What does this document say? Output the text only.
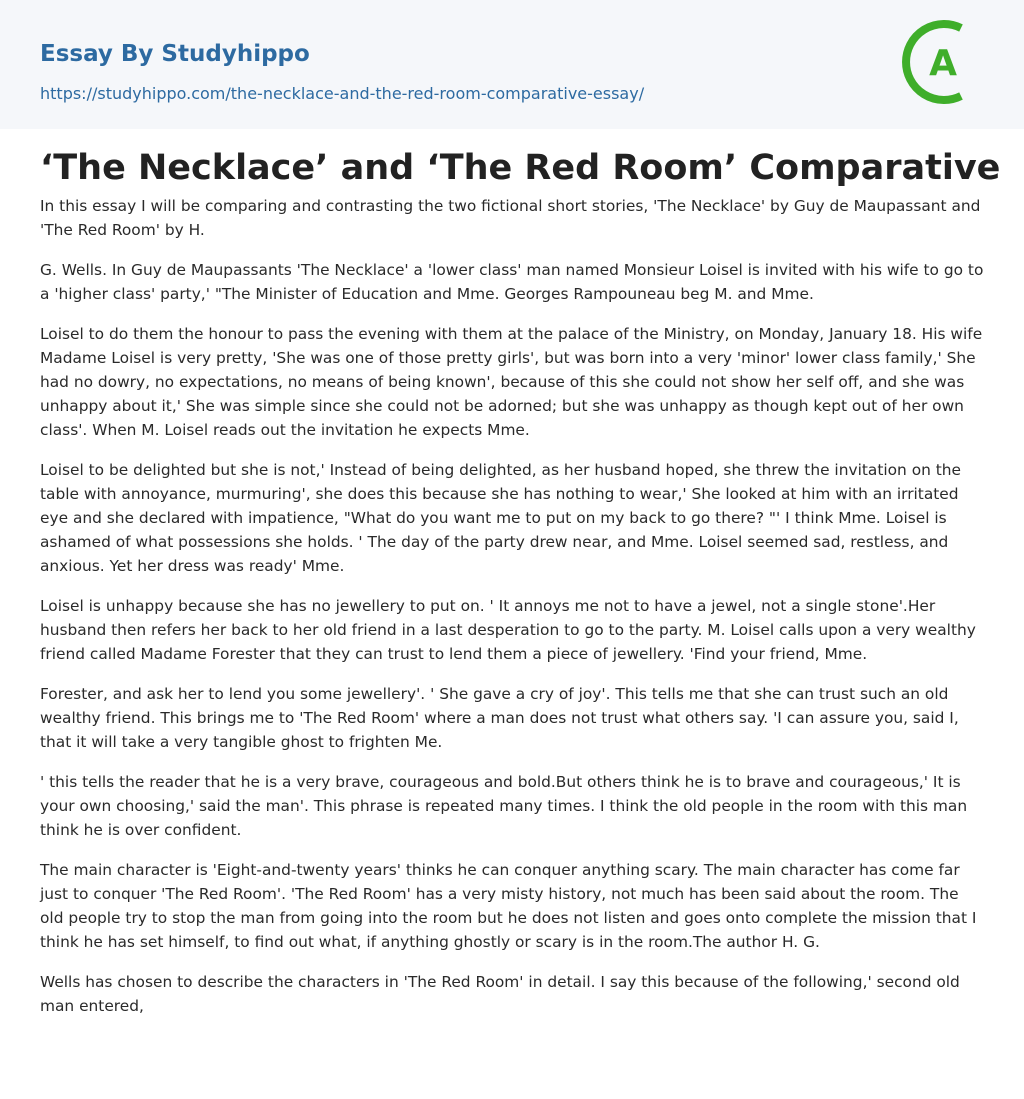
Essay By Studyhippo
https://studyhippo.com/the-necklace-and-the-red-room-comparative-essay/
A
‘The Necklace’ and ‘The Red Room’ Comparative

In this essay I will be comparing and contrasting the two fictional short stories, 'The Necklace' by Guy de Maupassant and 'The Red Room' by H.

G. Wells. In Guy de Maupassants 'The Necklace' a 'lower class' man named Monsieur Loisel is invited with his wife to go to a 'higher class' party,' "The Minister of Education and Mme. Georges Rampouneau beg M. and Mme.

Loisel to do them the honour to pass the evening with them at the palace of the Ministry, on Monday, January 18. His wife Madame Loisel is very pretty, 'She was one of those pretty girls', but was born into a very 'minor' lower class family,' She had no dowry, no expectations, no means of being known', because of this she could not show her self off, and she was unhappy about it,' She was simple since she could not be adorned; but she was unhappy as though kept out of her own class'. When M. Loisel reads out the invitation he expects Mme.

Loisel to be delighted but she is not,' Instead of being delighted, as her husband hoped, she threw the invitation on the table with annoyance, murmuring', she does this because she has nothing to wear,' She looked at him with an irritated eye and she declared with impatience, "What do you want me to put on my back to go there? "' I think Mme. Loisel is ashamed of what possessions she holds. ' The day of the party drew near, and Mme. Loisel seemed sad, restless, and anxious. Yet her dress was ready' Mme.

Loisel is unhappy because she has no jewellery to put on. ' It annoys me not to have a jewel, not a single stone'.Her husband then refers her back to her old friend in a last desperation to go to the party. M. Loisel calls upon a very wealthy friend called Madame Forester that they can trust to lend them a piece of jewellery. 'Find your friend, Mme.

Forester, and ask her to lend you some jewellery'. ' She gave a cry of joy'. This tells me that she can trust such an old wealthy friend. This brings me to 'The Red Room' where a man does not trust what others say. 'I can assure you, said I, that it will take a very tangible ghost to frighten Me.

' this tells the reader that he is a very brave, courageous and bold.But others think he is to brave and courageous,' It is your own choosing,' said the man'. This phrase is repeated many times. I think the old people in the room with this man think he is over confident.

The main character is 'Eight-and-twenty years' thinks he can conquer anything scary. The main character has come far just to conquer 'The Red Room'. 'The Red Room' has a very misty history, not much has been said about the room. The old people try to stop the man from going into the room but he does not listen and goes onto complete the mission that I think he has set himself, to find out what, if anything ghostly or scary is in the room.The author H. G.

Wells has chosen to describe the characters in 'The Red Room' in detail. I say this because of the following,' second old man entered,
